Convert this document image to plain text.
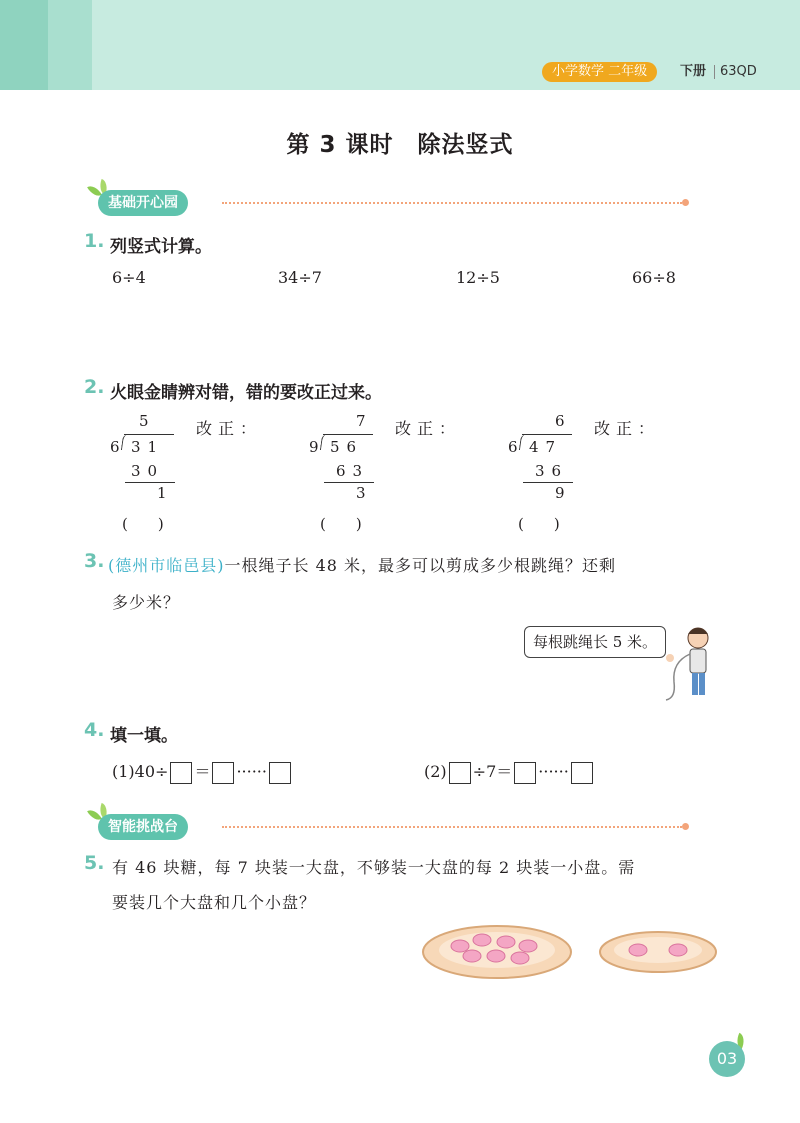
小学数学 二年级	下册 63QD
第 3 课时　除法竖式
基础开心园
1. 列竖式计算。
6÷4	34÷7	12÷5	66÷8
2. 火眼金睛辨对错，错的要改正过来。
5
6 31
30
1
改正：
(　　)
7
9 56
63
3
改正：
(　　)
6
6 47
36
9
改正：
(　　)
3. (德州市临邑县)一根绳子长 48 米，最多可以剪成多少根跳绳？还剩
多少米？
每根跳绳长 5 米。
4. 填一填。
(1)40÷ ＝ ······	(2) ÷7＝ ······
智能挑战台
5. 有 46 块糖，每 7 块装一大盘，不够装一大盘的每 2 块装一小盘。需
要装几个大盘和几个小盘？
03
